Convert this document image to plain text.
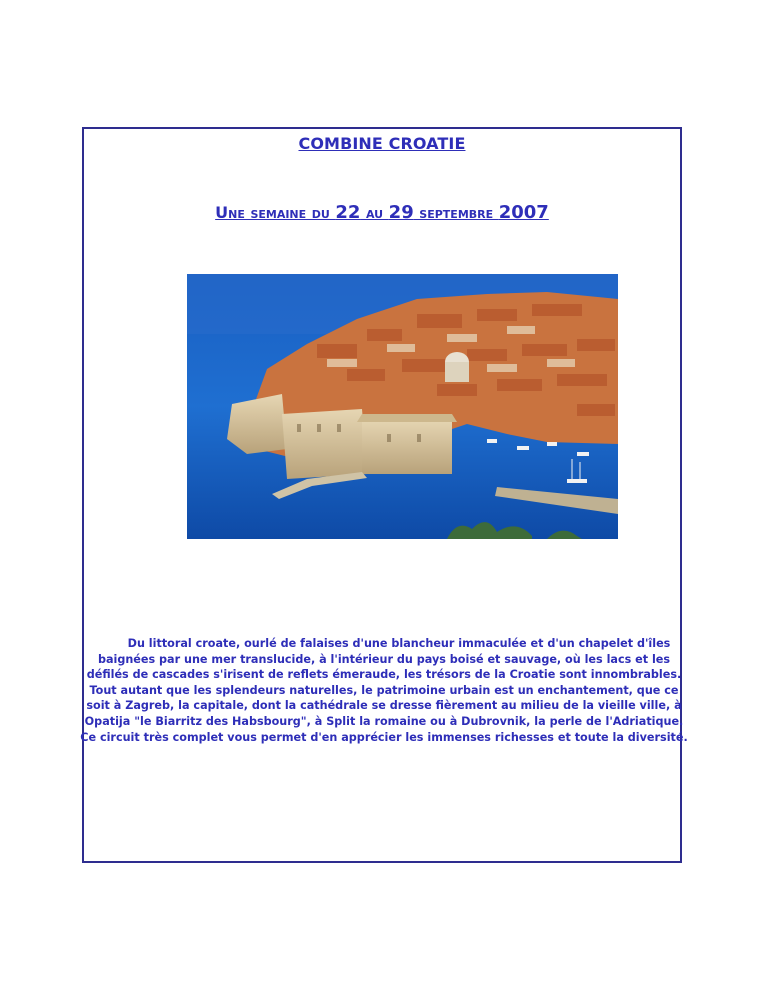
COMBINE CROATIE
Une semaine du 22 au 29 septembre 2007
Du littoral croate, ourlé de falaises d'une blancheur immaculée et d'un chapelet d'îles baignées par une mer translucide, à l'intérieur du pays boisé et sauvage, où les lacs et les défilés de cascades s'irisent de reflets émeraude, les trésors de la Croatie sont innombrables. Tout autant que les splendeurs naturelles, le patrimoine urbain est un enchantement, que ce soit à Zagreb, la capitale, dont la cathédrale se dresse fièrement au milieu de la vieille ville, à Opatija "le Biarritz des Habsbourg", à Split la romaine ou à Dubrovnik, la perle de l'Adriatique. Ce circuit très complet vous permet d'en apprécier les immenses richesses et toute la diversité.
